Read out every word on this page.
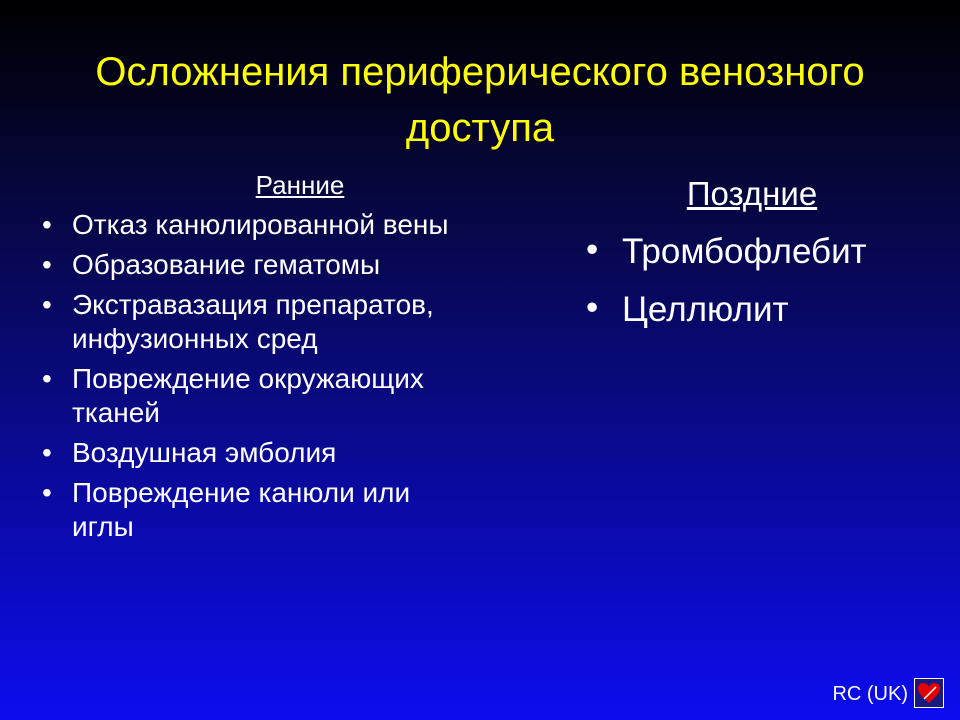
Осложнения периферического венозного
доступа
Ранние
• Отказ канюлированной вены
• Образование гематомы
• Экстравазация препаратов,
инфузионных сред
• Повреждение окружающих
тканей
• Воздушная эмболия
• Повреждение канюли или
иглы
Поздние
• Тромбофлебит
• Целлюлит
RC (UK)
